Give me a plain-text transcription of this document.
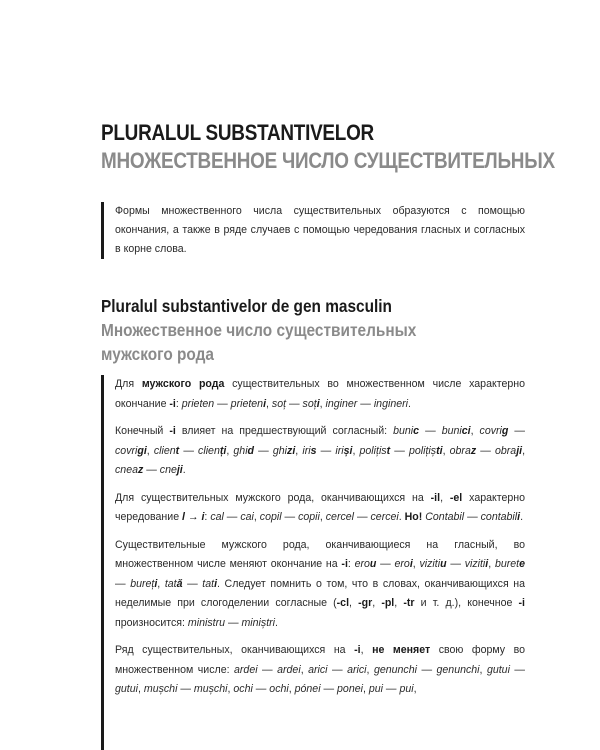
PLURALUL SUBSTANTIVELOR
МНОЖЕСТВЕННОЕ ЧИСЛО СУЩЕСТВИТЕЛЬНЫХ

Формы множественного числа существительных образуются с помощью окончания, а также в ряде случаев с помощью чередования гласных и согласных в корне слова.

Pluralul substantivelor de gen masculin
Множественное число существительных
мужского рода

Для мужского рода существительных во множественном числе характерно окончание -i: prieten — prieteni, soț — soți, inginer — ingineri.

Конечный -i влияет на предшествующий согласный: bunic — bunici, covrig — covrigi, client — clienți, ghid — ghizi, iris — iriși, polițist — polițiști, obraz — obraji, cneaz — cneji.

Для существительных мужского рода, оканчивающихся на -il, -el характерно чередование l → i: cal — cai, copil — copii, cercel — cercei. Ho! Contabil — contabili.

Существительные мужского рода, оканчивающиеся на гласный, во множественном числе меняют окончание на -i: erou — eroi, vizitiu — vizitii, burete — bureți, tată — tati. Следует помнить о том, что в словах, оканчивающихся на неделимые при слогоделении согласные (-cl, -gr, -pl, -tr и т. д.), конечное -i произносится: ministru — miniștri.

Ряд существительных, оканчивающихся на -i, не меняет свою форму во множественном числе: ardei — ardei, arici — arici, genunchi — genunchi, gutui — gutui, mușchi — mușchi, ochi — ochi, pónei — ponei, pui — pui,
